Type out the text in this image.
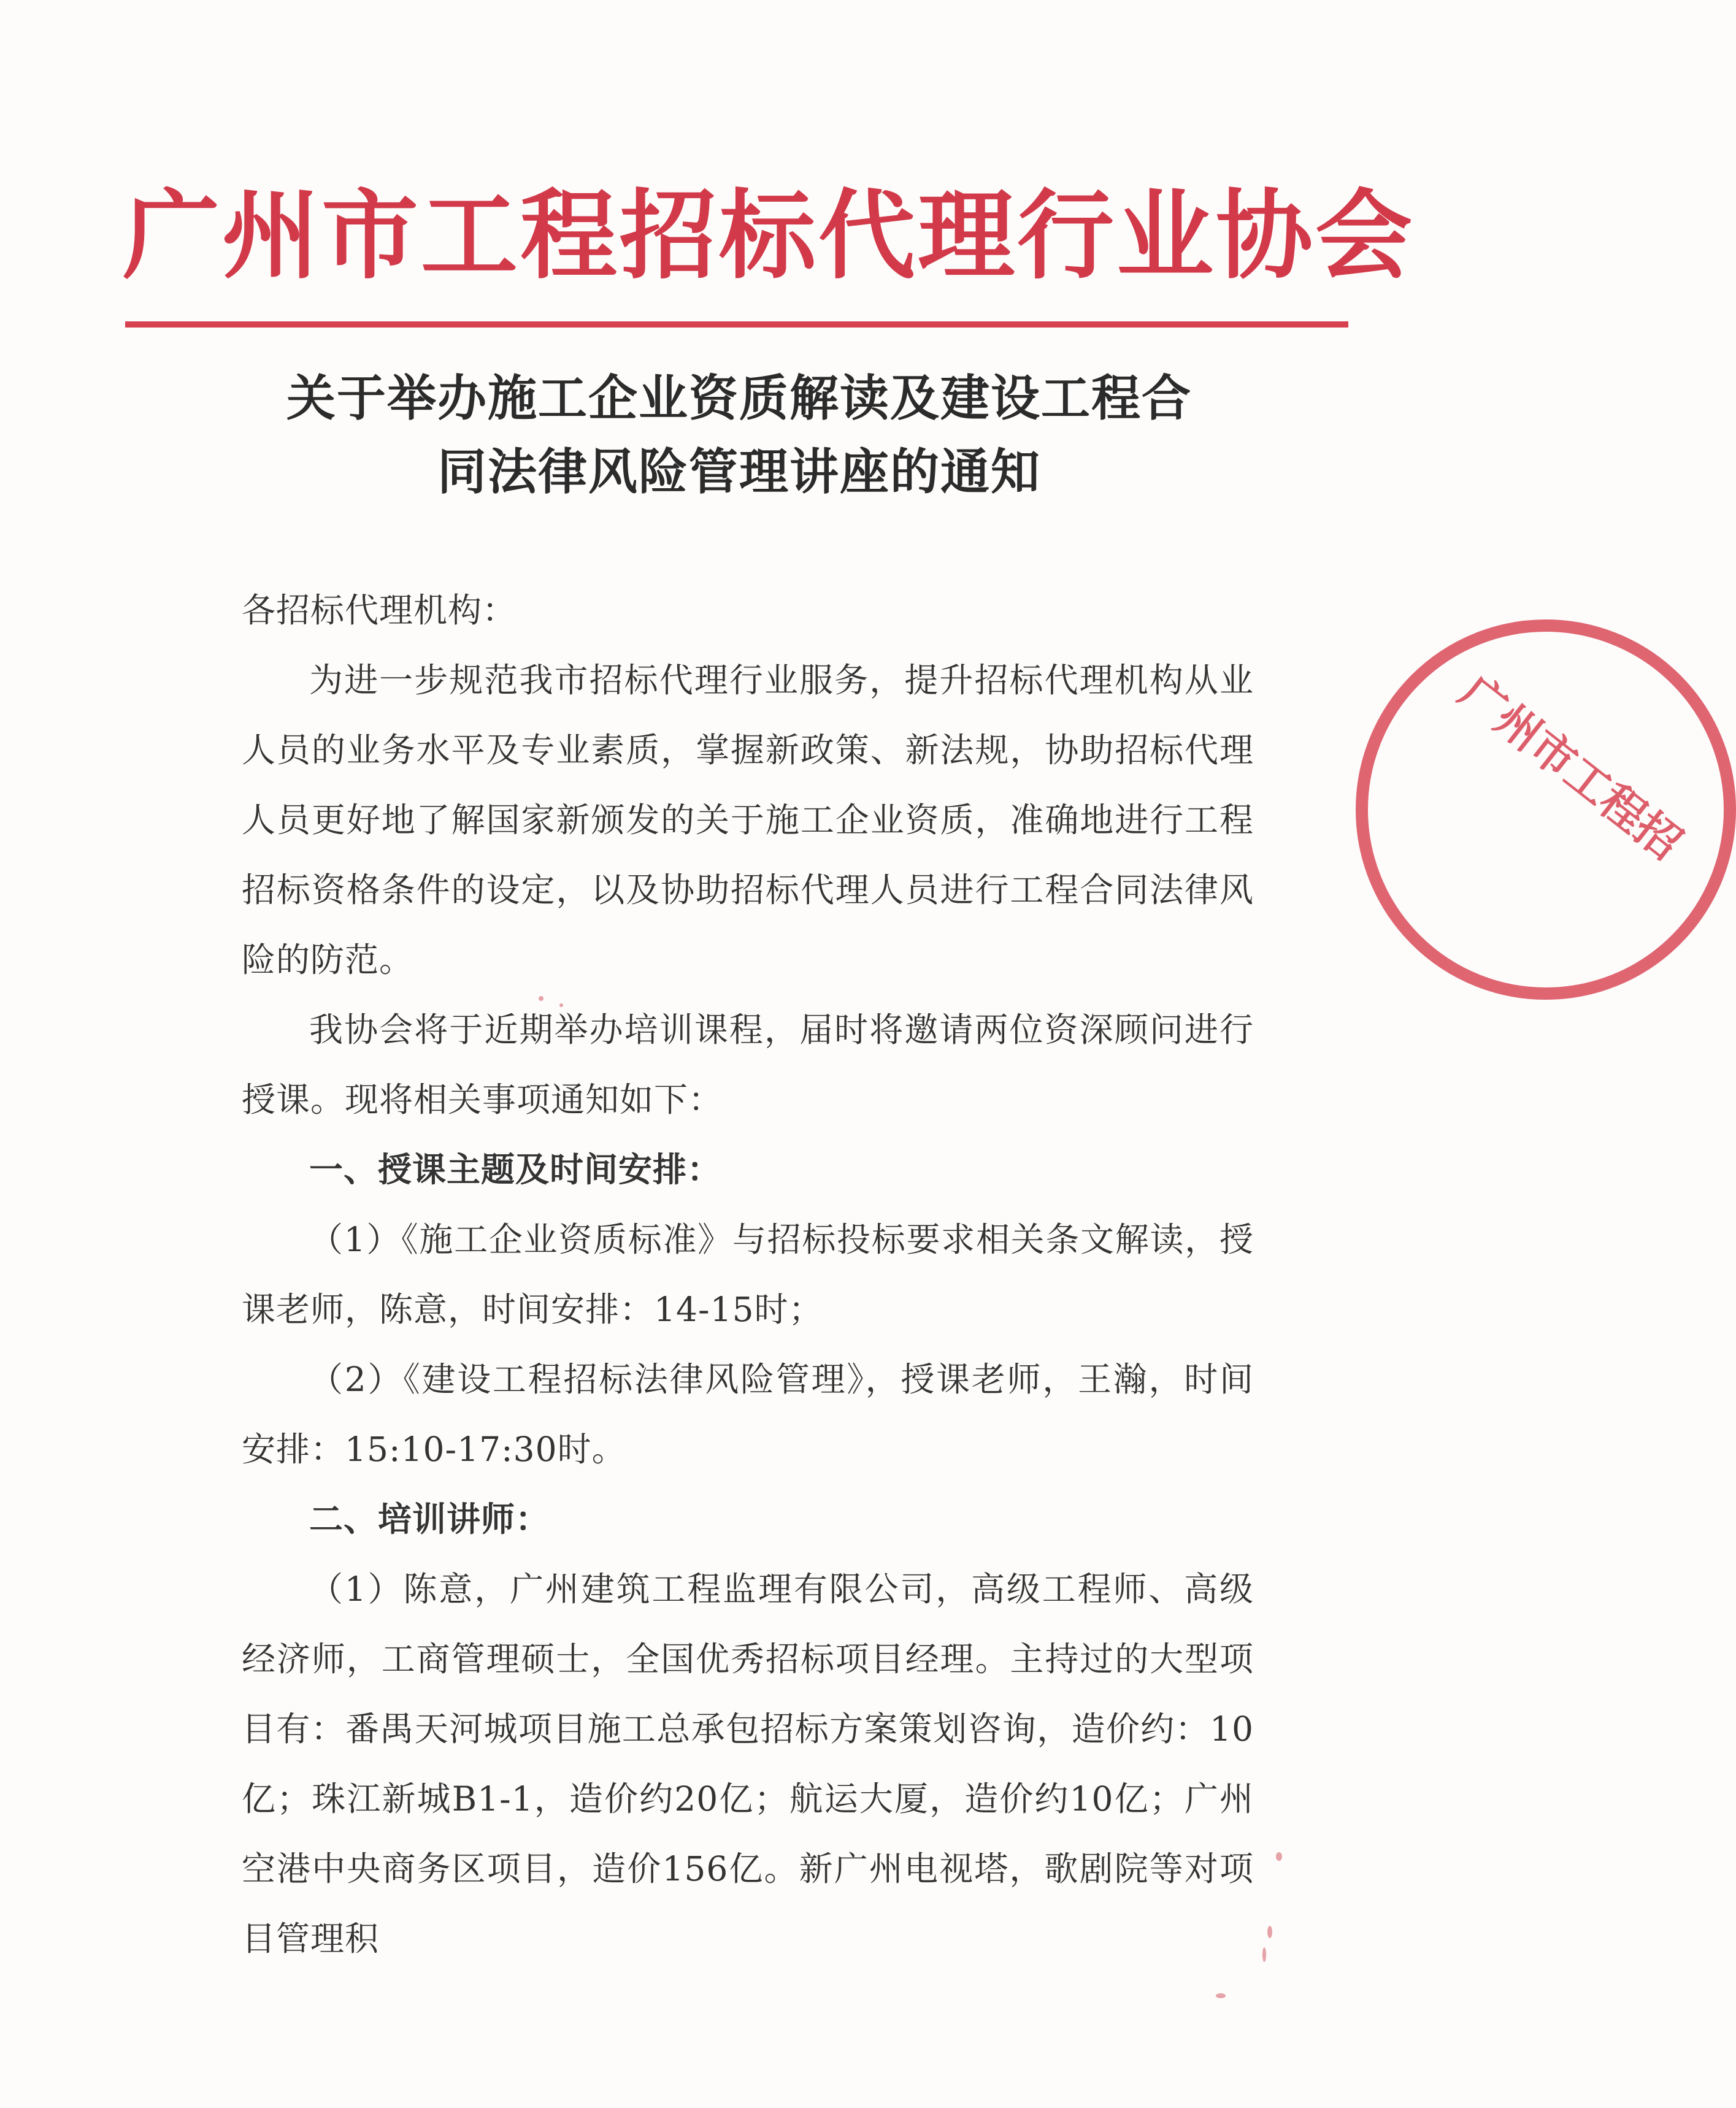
广州市工程招标代理行业协会
关于举办施工企业资质解读及建设工程合
同法律风险管理讲座的通知

各招标代理机构：

为进一步规范我市招标代理行业服务，提升招标代理机构从业人员的业务水平及专业素质，掌握新政策、新法规，协助招标代理人员更好地了解国家新颁发的关于施工企业资质，准确地进行工程招标资格条件的设定，以及协助招标代理人员进行工程合同法律风险的防范。

我协会将于近期举办培训课程，届时将邀请两位资深顾问进行授课。现将相关事项通知如下：

一、授课主题及时间安排：

（1）《施工企业资质标准》与招标投标要求相关条文解读，授课老师，陈意，时间安排：14-15时；

（2）《建设工程招标法律风险管理》，授课老师，王瀚，时间安排：15:10-17:30时。

二、培训讲师：

（1）陈意，广州建筑工程监理有限公司，高级工程师、高级经济师，工商管理硕士，全国优秀招标项目经理。主持过的大型项目有：番禺天河城项目施工总承包招标方案策划咨询，造价约：10亿；珠江新城B1-1，造价约20亿；航运大厦，造价约10亿；广州空港中央商务区项目，造价156亿。新广州电视塔，歌剧院等对项目管理积

广州市工程招
